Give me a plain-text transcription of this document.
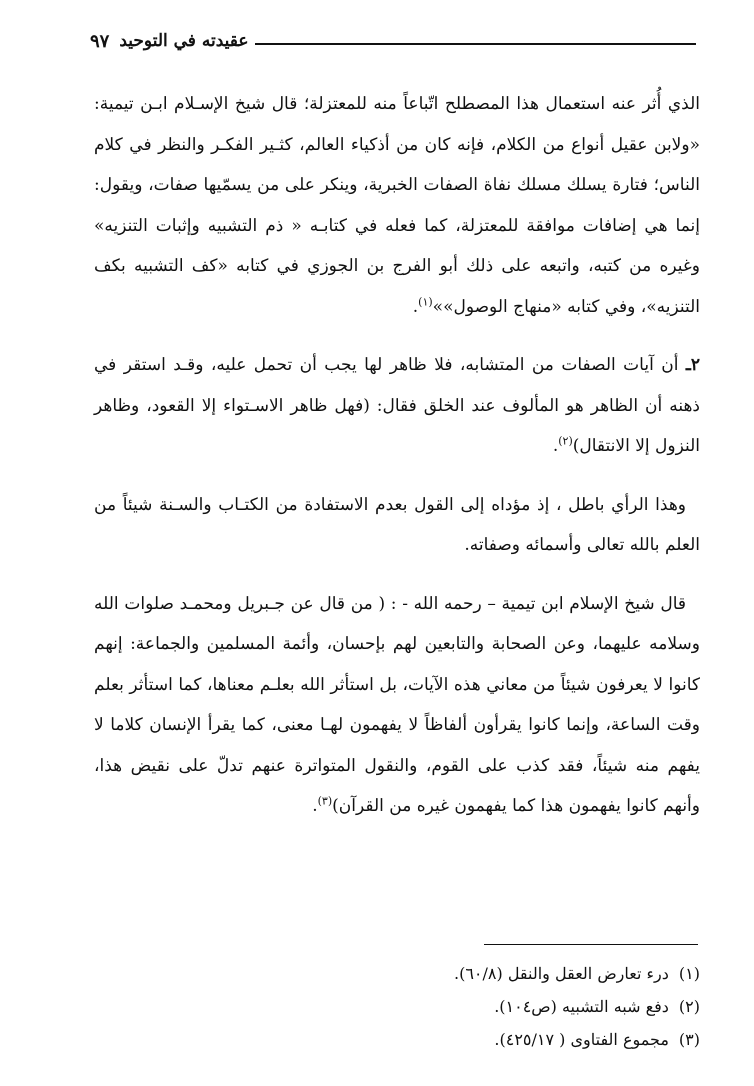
٩٧ عقيدته في التوحيد

الذي أُثر عنه استعمال هذا المصطلح اتّباعاً منه للمعتزلة؛ قال شيخ الإسـلام ابـن تيمية: «ولابن عقيل أنواع من الكلام، فإنه كان من أذكياء العالم، كثـير الفكـر والنظر في كلام الناس؛ فتارة يسلك مسلك نفاة الصفات الخبرية، وينكر على من يسمّيها صفات، ويقول: إنما هي إضافات موافقة للمعتزلة، كما فعله في كتابـه « ذم التشبيه وإثبات التنزيه» وغيره من كتبه، واتبعه على ذلك أبو الفرج بن الجوزي في كتابه «كف التشبيه بكف التنزيه»، وفي كتابه «منهاج الوصول»»$^{(١)}$.

٢ـ أن آيات الصفات من المتشابه، فلا ظاهر لها يجب أن تحمل عليه، وقـد استقر في ذهنه أن الظاهر هو المألوف عند الخلق فقال: (فهل ظاهر الاسـتواء إلا القعود، وظاهر النزول إلا الانتقال)$^{(٢)}$.

وهذا الرأي باطل ، إذ مؤداه إلى القول بعدم الاستفادة من الكتـاب والسـنة شيئاً من العلم بالله تعالى وأسمائه وصفاته.

قال شيخ الإسلام ابن تيمية – رحمه الله - : ( من قال عن جـبريل ومحمـد صلوات الله وسلامه عليهما، وعن الصحابة والتابعين لهم بإحسان، وأئمة المسلمين والجماعة: إنهم كانوا لا يعرفون شيئاً من معاني هذه الآيات، بل استأثر الله بعلـم معناها، كما استأثر بعلم وقت الساعة، وإنما كانوا يقرأون ألفاظاً لا يفهمون لهـا معنى، كما يقرأ الإنسان كلاما لا يفهم منه شيئاً، فقد كذب على القوم، والنقول المتواترة عنهم تدلّ على نقيض هذا، وأنهم كانوا يفهمون هذا كما يفهمون غيره من القرآن)$^{(٣)}$.

(١)درء تعارض العقل والنقل (٦٠/٨).

(٢)دفع شبه التشبيه (ص١٠٤).

(٣)مجموع الفتاوى ( ٤٢٥/١٧).
